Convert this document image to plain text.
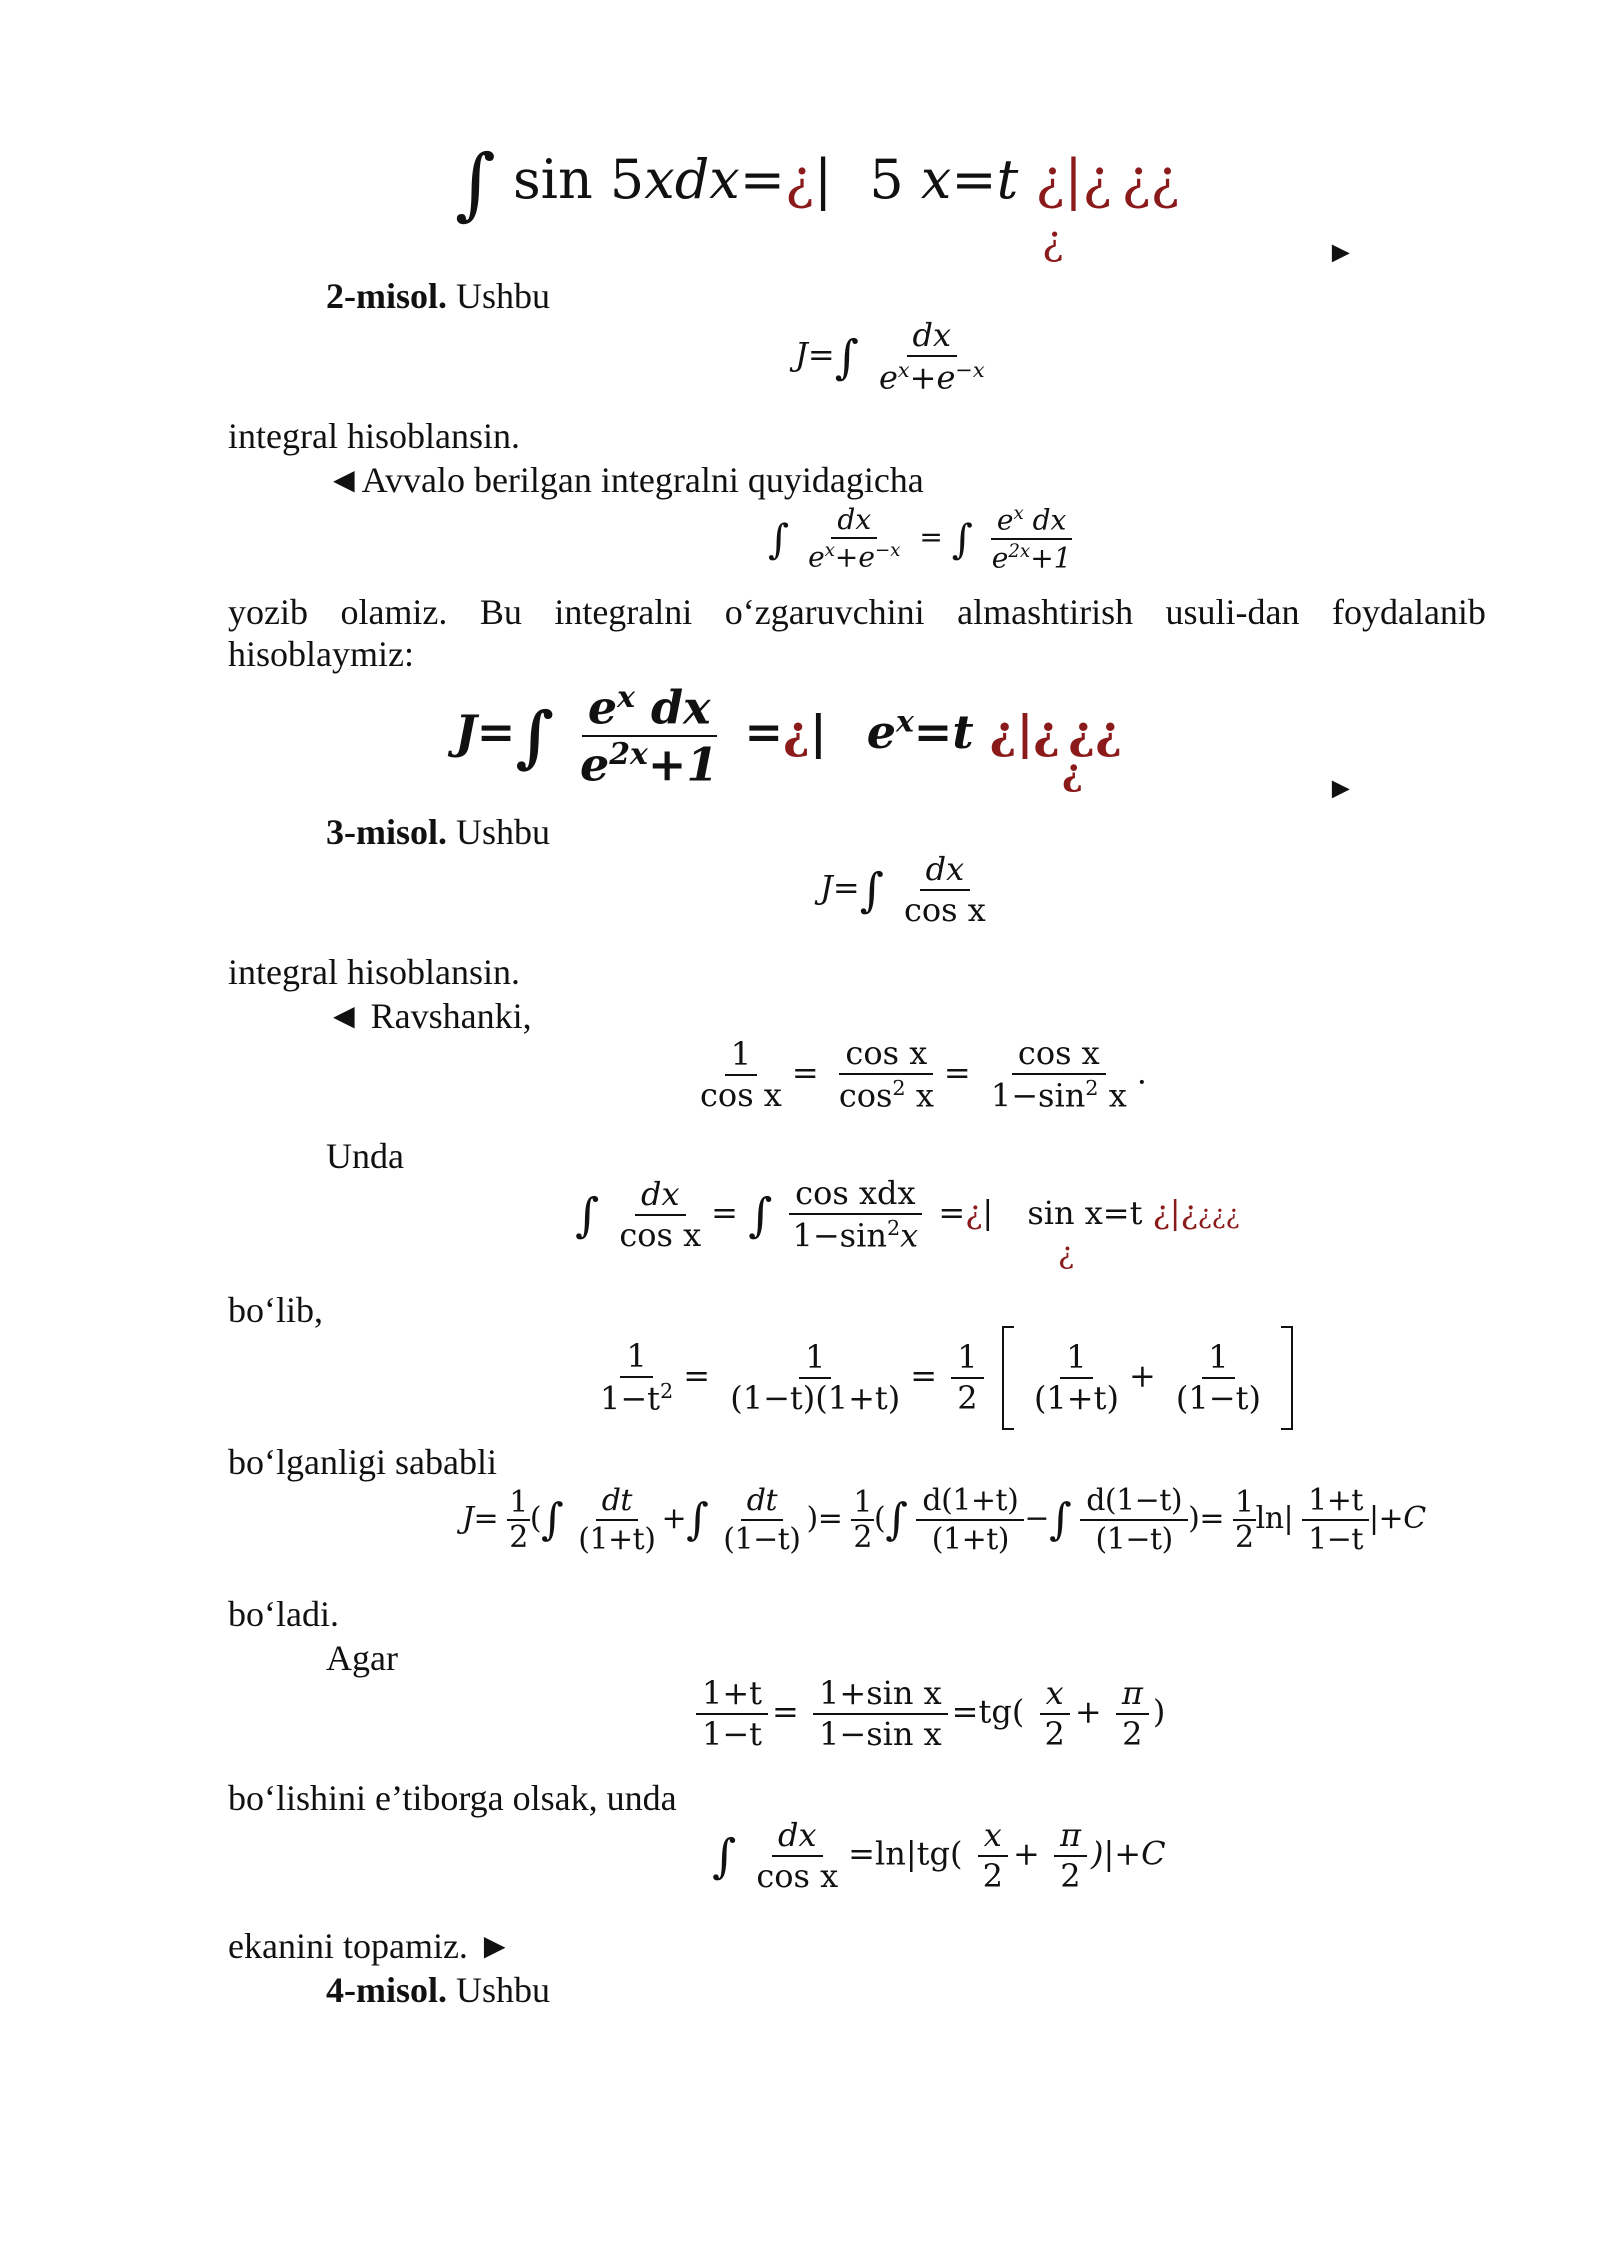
∫ sin 5xdx=¿| 5 x=t ¿|¿ ¿¿
¿	►
2-misol. Ushbu
$J=\int \frac{dx}{e^x+e^{-x}}$
integral hisoblansin.
◄Avvalo berilgan integralni quyidagicha
∫ $\frac{dx}{e^x+e^{-x}}$ = ∫ $\frac{e^x dx}{e^{2x}+1}$
yozib olamiz. Bu integralni o‘zgaruvchini almashtirish usuli-dan foydalanib
hisoblaymiz:
$J=\int \frac{e^x dx}{e^{2x}+1}$ =¿| $e^x=t$ ¿|¿ ¿¿
¿	►
3-misol. Ushbu
$J=\int \frac{dx}{\text{cos x}}$
integral hisoblansin.
◄ Ravshanki,
$\frac{1}{\text{cos x}} = \frac{\text{cos x}}{\cos^2 x} = \frac{\text{cos x}}{1-\sin^2 x}$ .
Unda
∫ $\frac{dx}{\text{cos x}}$ = ∫ $\frac{\text{cos xdx}}{1-\sin^2x}$ =¿| sin x=t ¿|¿¿¿¿
¿
bo‘lib,
$\frac{1}{1-t^2} = \frac{1}{(1-t)(1+t)} = \frac{1}{2}$
$\frac{1}{(1+t)} + \frac{1}{(1-t)}$

bo‘lganligi sababli
$J= \frac{1}{2}$ (∫ $\frac{dt}{(1+t)}$ +∫ $\frac{dt}{(1-t)}$ )= $\frac{1}{2}$ (∫ $\frac{d(1+t)}{(1+t)}$ −∫ $\frac{d(1-t)}{(1-t)}$ )= $\frac{1}{2} \ln| \frac{1+t}{1-t} |+C$
bo‘ladi.
Agar
$\frac{1+t}{1-t} = \frac{\text{1+sin x}}{\text{1−sin x}} =tg( \frac{x}{2} + \frac{\pi}{2}$ )
bo‘lishini e’tiborga olsak, unda
∫ $\frac{dx}{\text{cos x}} =\ln|tg( \frac{x}{2} + \frac{\pi}{2} )|+C$
ekanini topamiz. ►
4-misol. Ushbu
